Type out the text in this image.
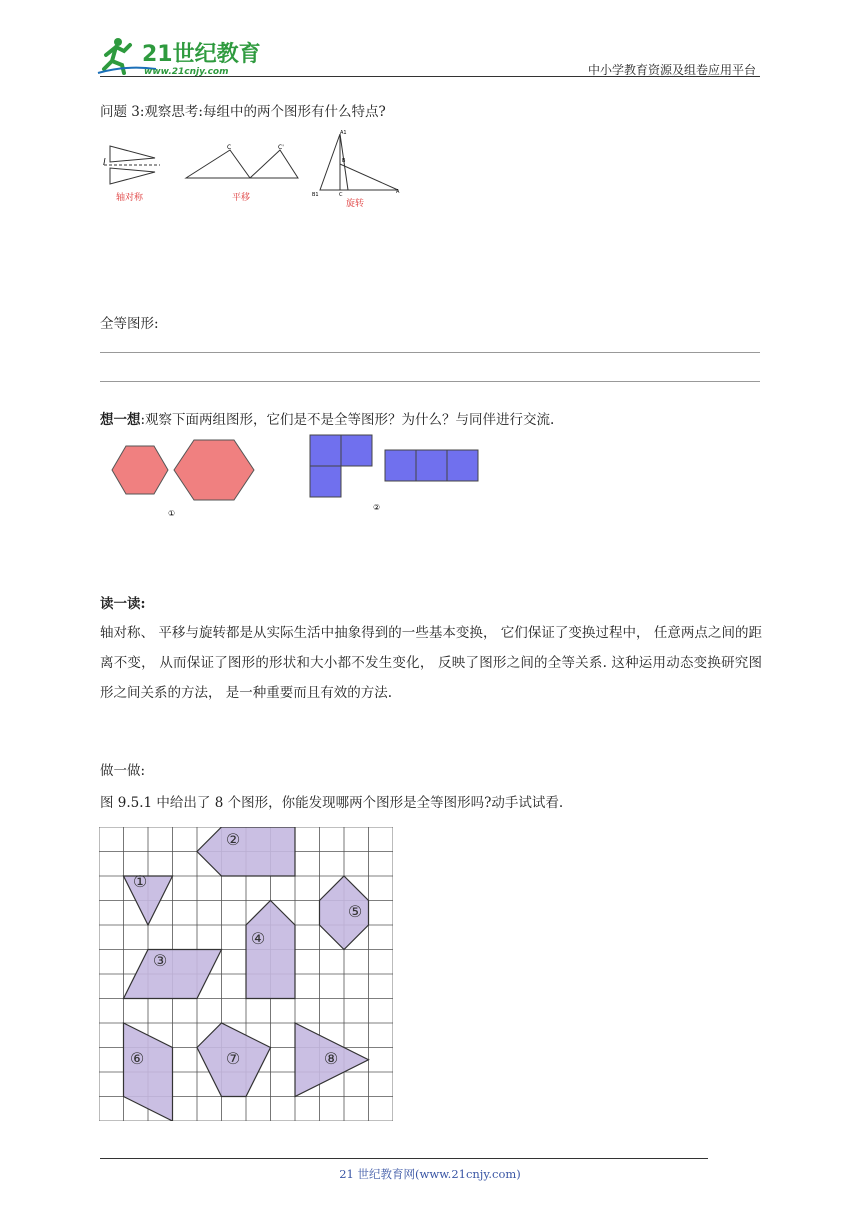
21世纪教育
www.21cnjy.com	中小学教育资源及组卷应用平台
问题 3:观察思考:每组中的两个图形有什么特点?
l
轴对称
C	C'
平移
A1
B
B1	C	A
旋转
全等图形:
想一想:观察下面两组图形，它们是不是全等图形？为什么？与同伴进行交流.
①
②
读一读:
轴对称、 平移与旋转都是从实际生活中抽象得到的一些基本变换， 它们保证了变换过程中， 任意两点之间的距离不变， 从而保证了图形的形状和大小都不发生变化， 反映了图形之间的全等关系. 这种运用动态变换研究图形之间关系的方法， 是一种重要而且有效的方法.
做一做:
图 9.5.1 中给出了 8 个图形，你能发现哪两个图形是全等图形吗?动手试试看.
①
②
③
④
⑤
⑥	⑦	⑧
21 世纪教育网(www.21cnjy.com)
